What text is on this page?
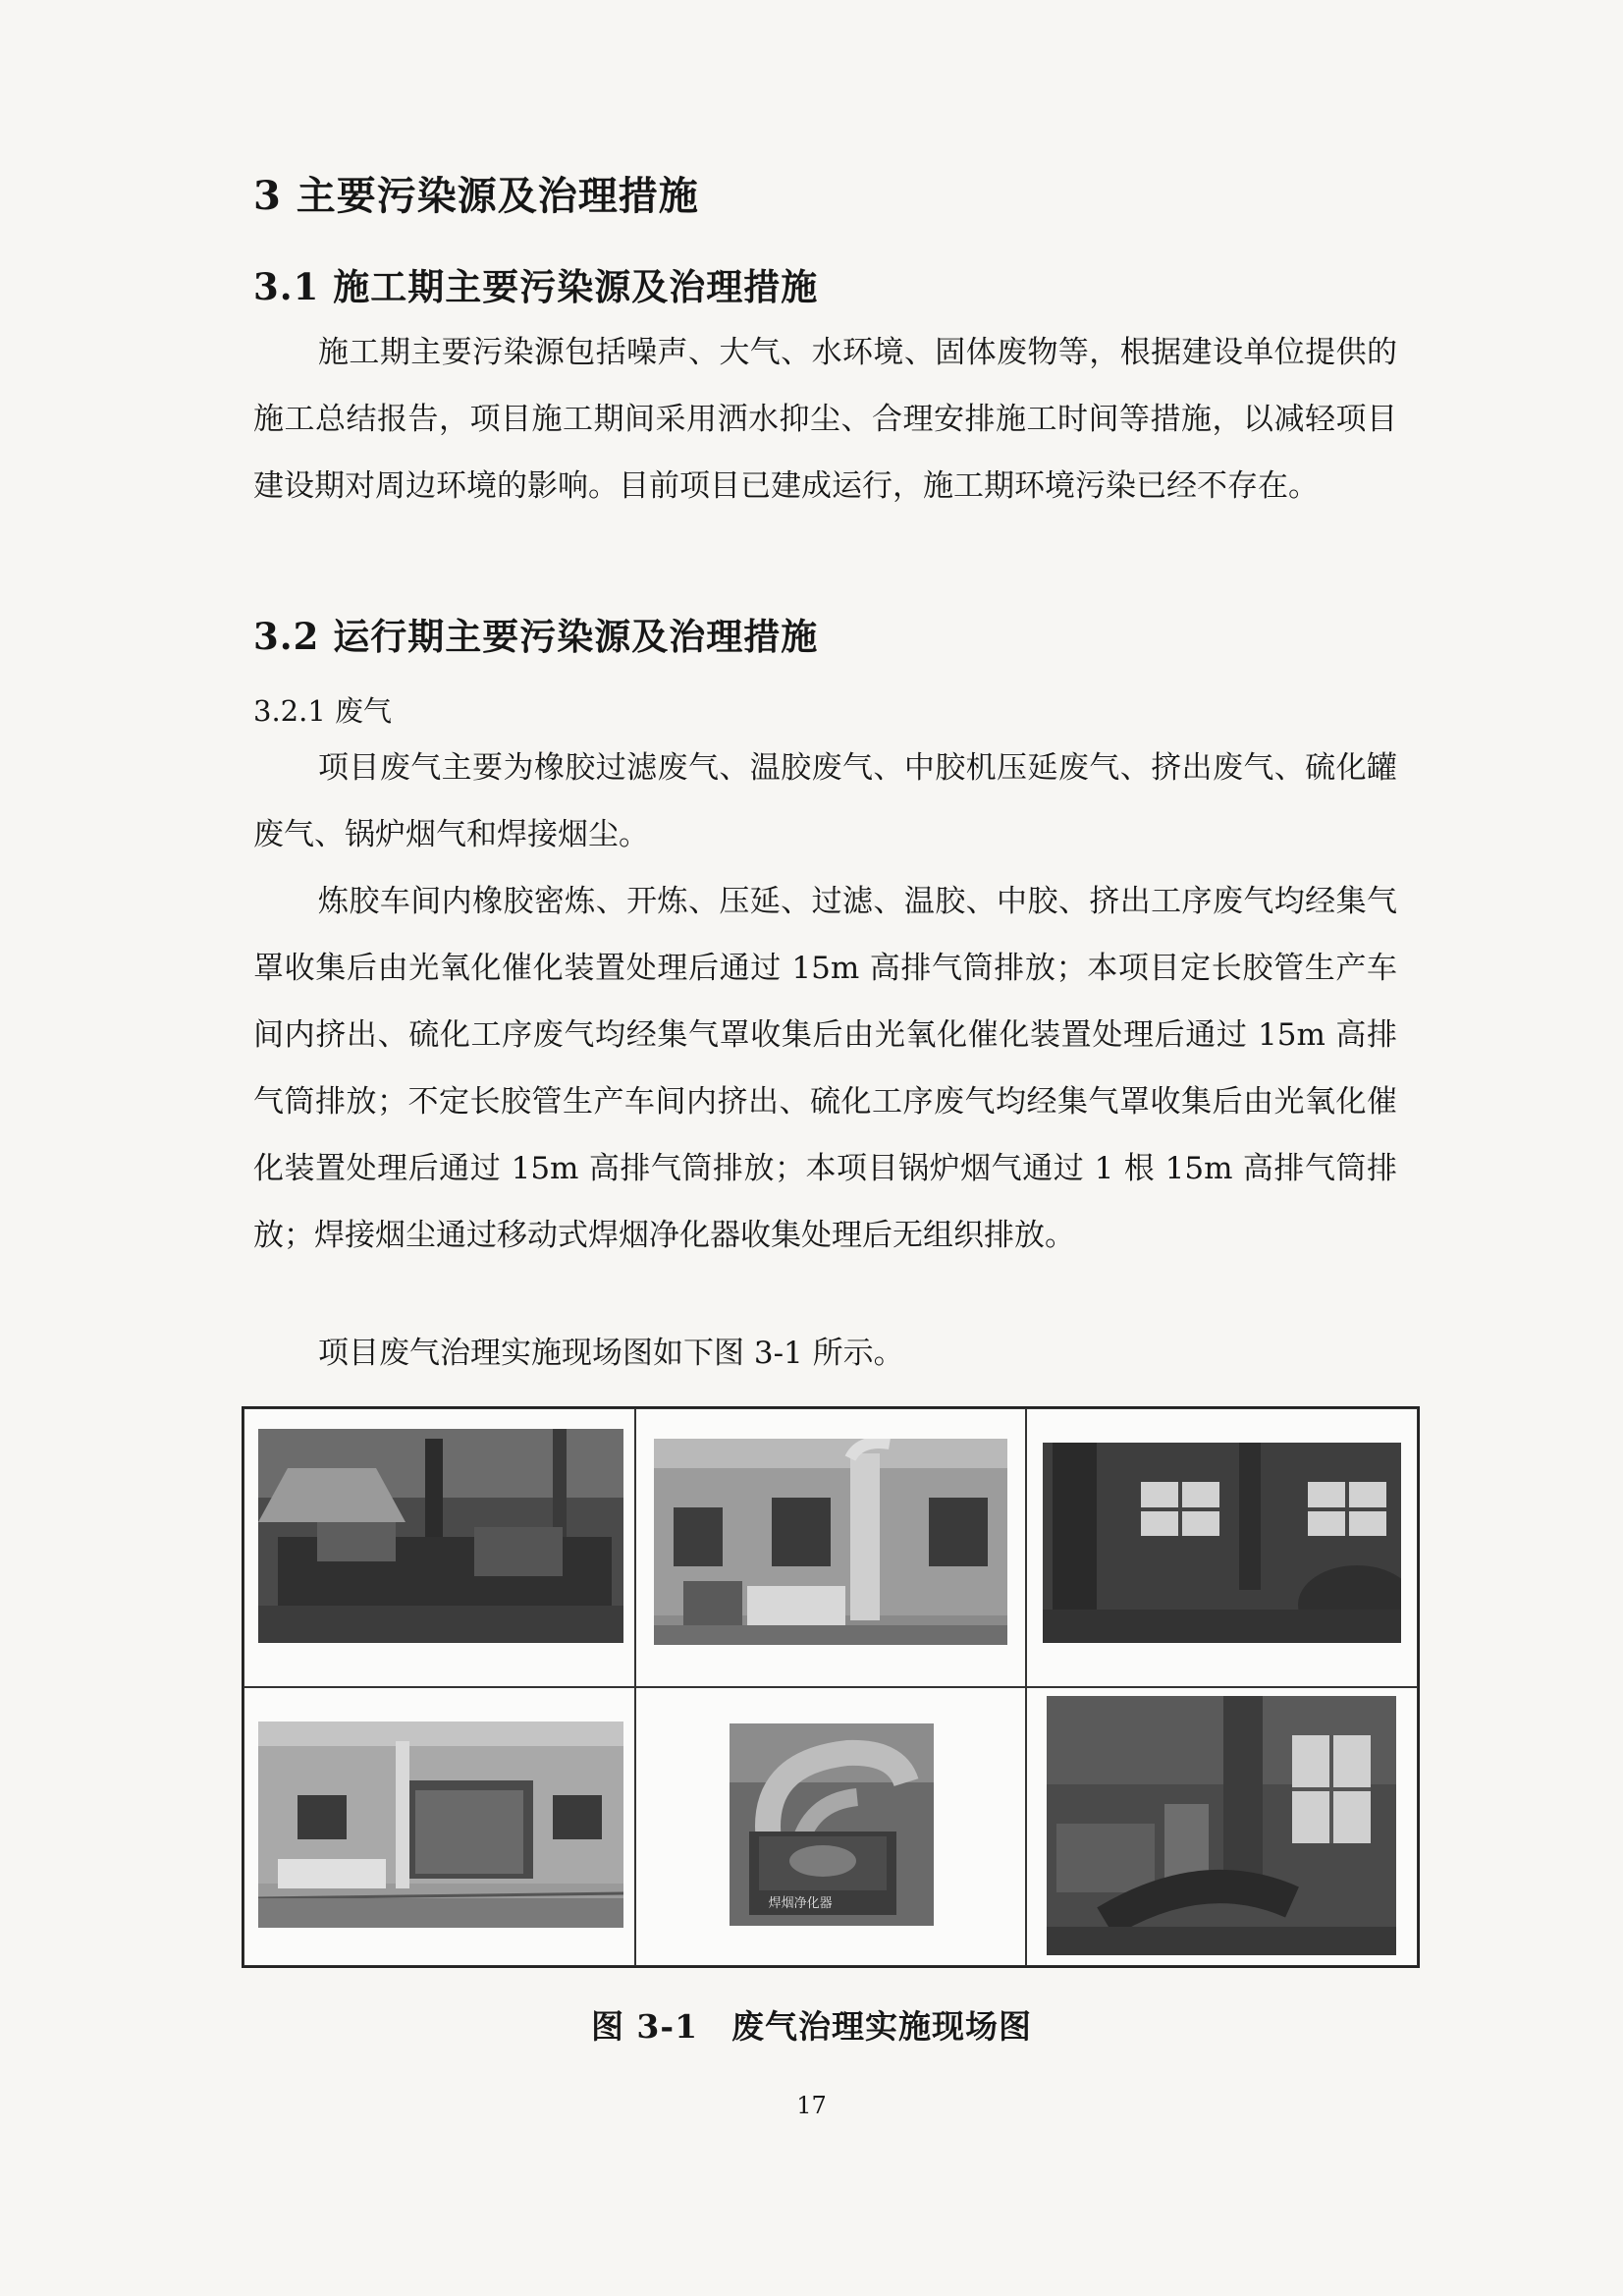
3 主要污染源及治理措施
3.1 施工期主要污染源及治理措施

施工期主要污染源包括噪声、大气、水环境、固体废物等，根据建设单位提供的施工总结报告，项目施工期间采用洒水抑尘、合理安排施工时间等措施，以减轻项目建设期对周边环境的影响。目前项目已建成运行，施工期环境污染已经不存在。

3.2 运行期主要污染源及治理措施
3.2.1 废气

项目废气主要为橡胶过滤废气、温胶废气、中胶机压延废气、挤出废气、硫化罐废气、锅炉烟气和焊接烟尘。

炼胶车间内橡胶密炼、开炼、压延、过滤、温胶、中胶、挤出工序废气均经集气罩收集后由光氧化催化装置处理后通过 15m 高排气筒排放；本项目定长胶管生产车间内挤出、硫化工序废气均经集气罩收集后由光氧化催化装置处理后通过 15m 高排气筒排放；不定长胶管生产车间内挤出、硫化工序废气均经集气罩收集后由光氧化催化装置处理后通过 15m 高排气筒排放；本项目锅炉烟气通过 1 根 15m 高排气筒排放；焊接烟尘通过移动式焊烟净化器收集处理后无组织排放。

项目废气治理实施现场图如下图 3-1 所示。

焊烟净化器
图 3-1 废气治理实施现场图
17
